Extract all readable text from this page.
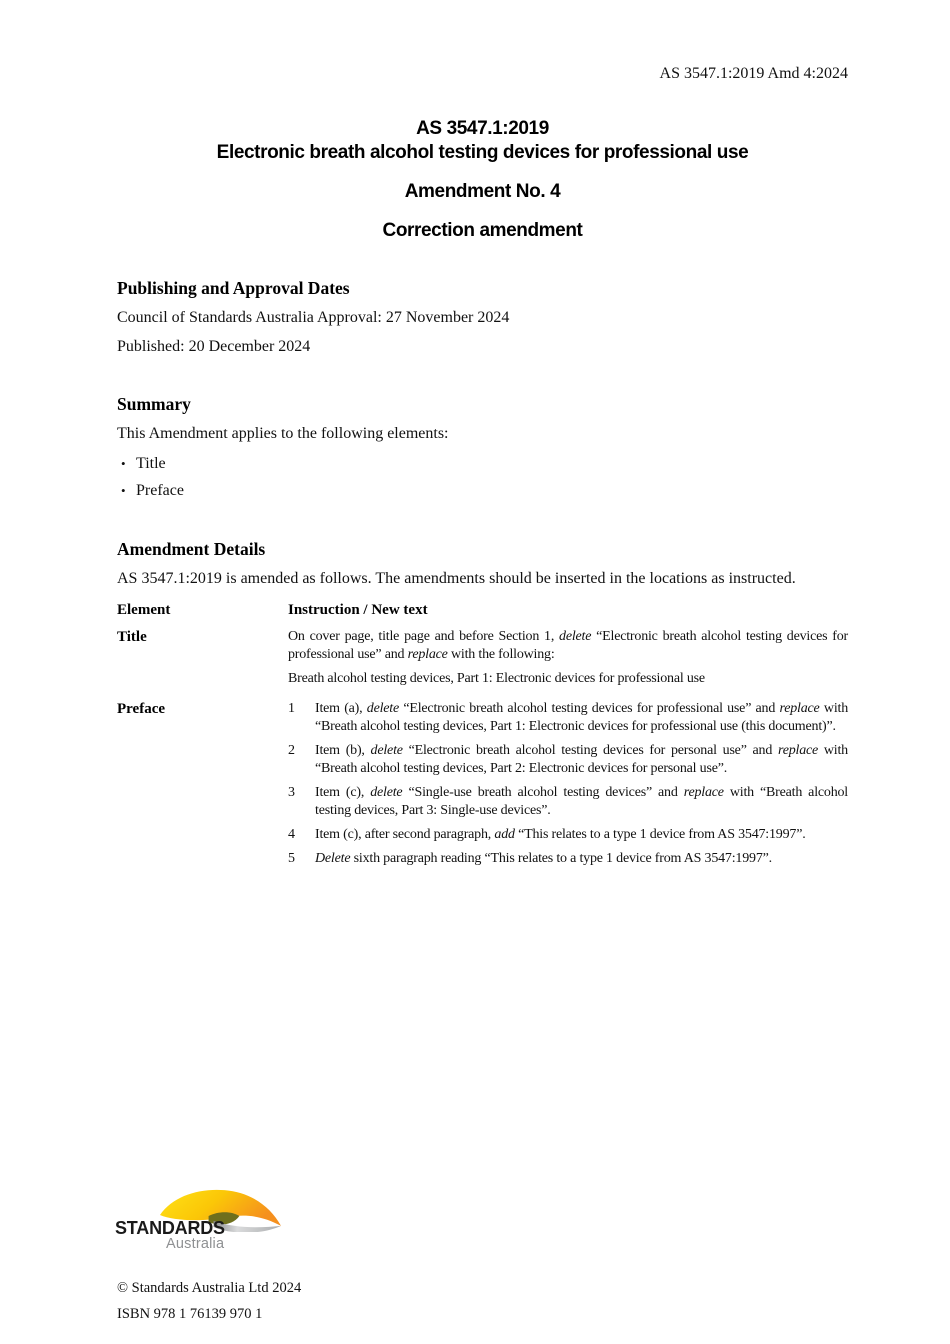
AS 3547.1:2019 Amd 4:2024
AS 3547.1:2019
Electronic breath alcohol testing devices for professional use
Amendment No. 4
Correction amendment
Publishing and Approval Dates

Council of Standards Australia Approval: 27 November 2024

Published: 20 December 2024

Summary

This Amendment applies to the following elements:

• Title
• Preface
Amendment Details

AS 3547.1:2019 is amended as follows. The amendments should be inserted in the locations as instructed.

Element	Instruction / New text
Title	On cover page, title page and before Section 1, delete “Electronic breath alcohol testing devices for professional use” and replace with the following:

Breath alcohol testing devices, Part 1: Electronic devices for professional use

Preface	1	Item (a), delete “Electronic breath alcohol testing devices for professional use” and replace with “Breath alcohol testing devices, Part 1: Electronic devices for professional use (this document)”.
2	Item (b), delete “Electronic breath alcohol testing devices for personal use” and replace with “Breath alcohol testing devices, Part 2: Electronic devices for personal use”.
3	Item (c), delete “Single-use breath alcohol testing devices” and replace with “Breath alcohol testing devices, Part 3: Single-use devices”.
4	Item (c), after second paragraph, add “This relates to a type 1 device from AS 3547:1997”.
5	Delete sixth paragraph reading “This relates to a type 1 device from AS 3547:1997”.
STANDARDS
Australia

© Standards Australia Ltd 2024

ISBN 978 1 76139 970 1
